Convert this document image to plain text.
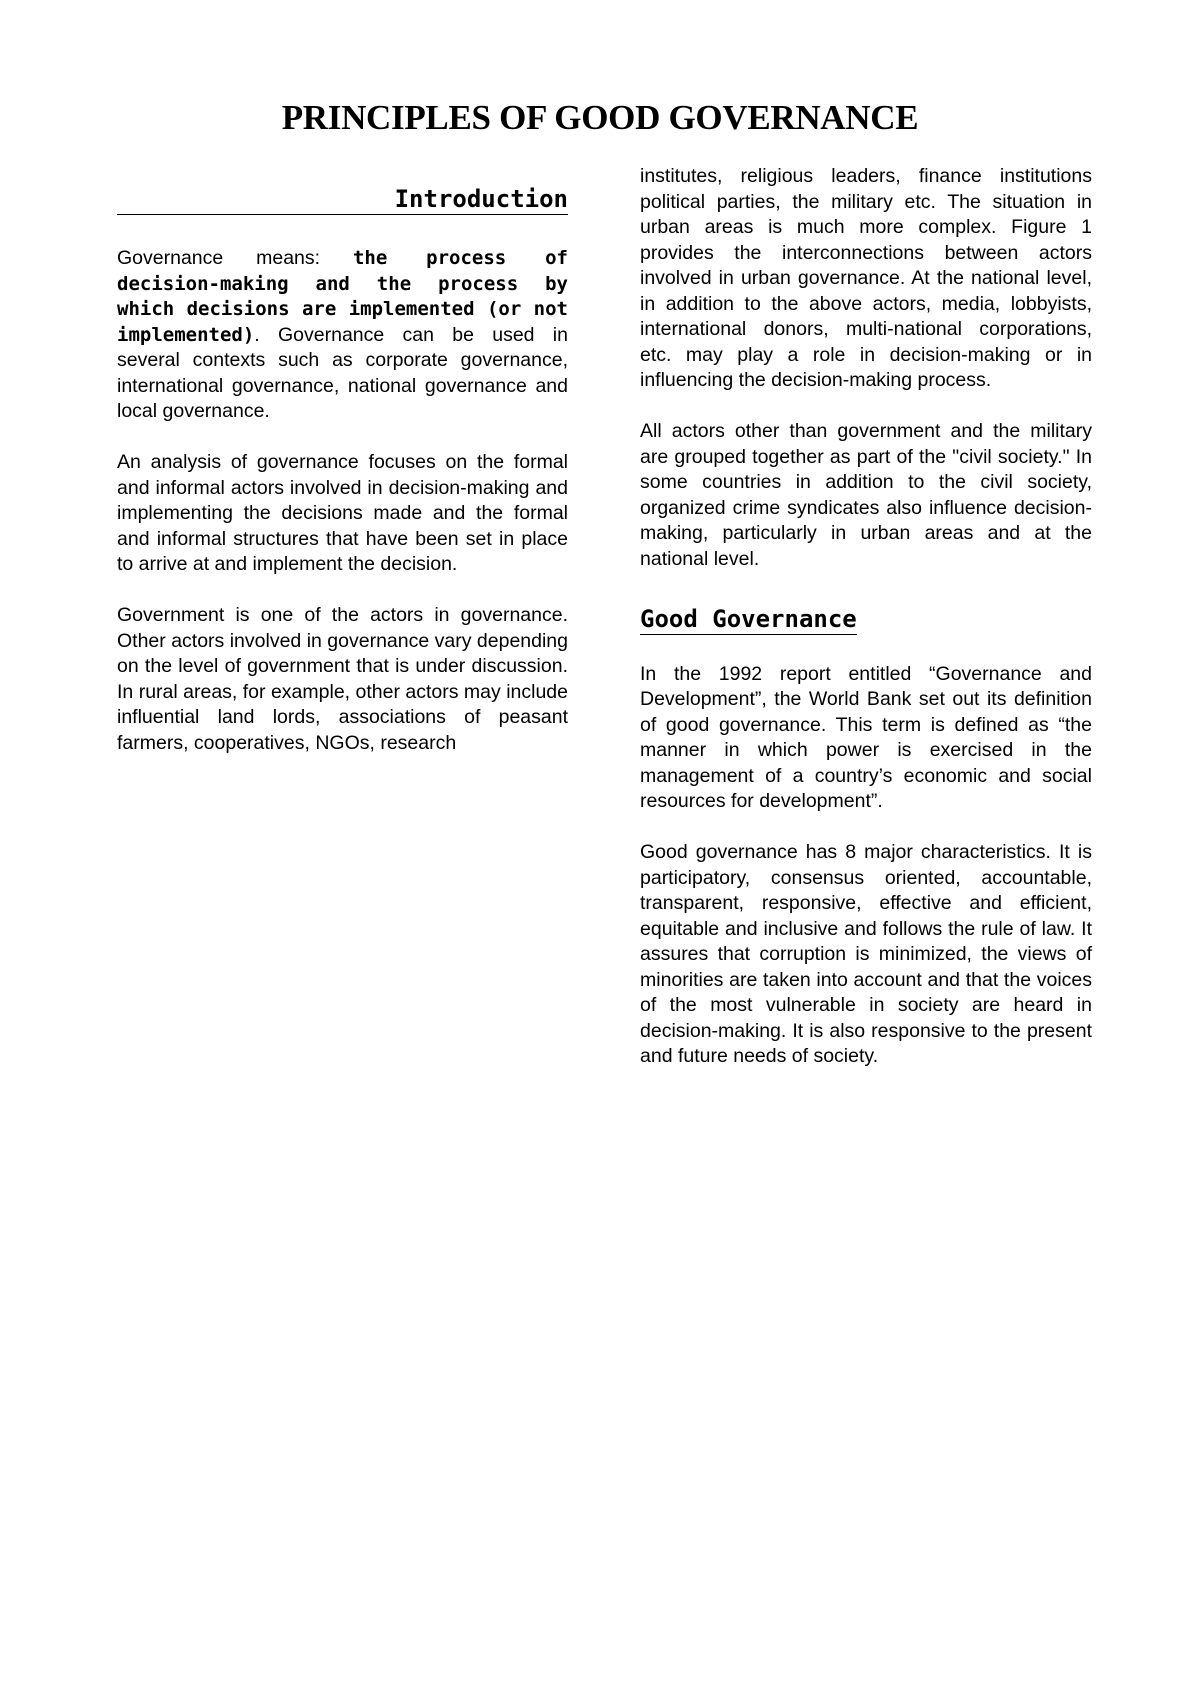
PRINCIPLES OF GOOD GOVERNANCE
Introduction

Governance means: the process of decision-making and the process by which decisions are implemented (or not implemented). Governance can be used in several contexts such as corporate governance, international governance, national governance and local governance.

An analysis of governance focuses on the formal and informal actors involved in decision-making and implementing the decisions made and the formal and informal structures that have been set in place to arrive at and implement the decision.

Government is one of the actors in governance. Other actors involved in governance vary depending on the level of government that is under discussion. In rural areas, for example, other actors may include influential land lords, associations of peasant farmers, cooperatives, NGOs, research

institutes, religious leaders, finance institutions political parties, the military etc. The situation in urban areas is much more complex. Figure 1 provides the interconnections between actors involved in urban governance. At the national level, in addition to the above actors, media, lobbyists, international donors, multi-national corporations, etc. may play a role in decision-making or in influencing the decision-making process.

All actors other than government and the military are grouped together as part of the "civil society." In some countries in addition to the civil society, organized crime syndicates also influence decision-making, particularly in urban areas and at the national level.

Good Governance

In the 1992 report entitled “Governance and Development”, the World Bank set out its definition of good governance. This term is defined as “the manner in which power is exercised in the management of a country’s economic and social resources for development”.

Good governance has 8 major characteristics. It is participatory, consensus oriented, accountable, transparent, responsive, effective and efficient, equitable and inclusive and follows the rule of law. It assures that corruption is minimized, the views of minorities are taken into account and that the voices of the most vulnerable in society are heard in decision-making. It is also responsive to the present and future needs of society.
